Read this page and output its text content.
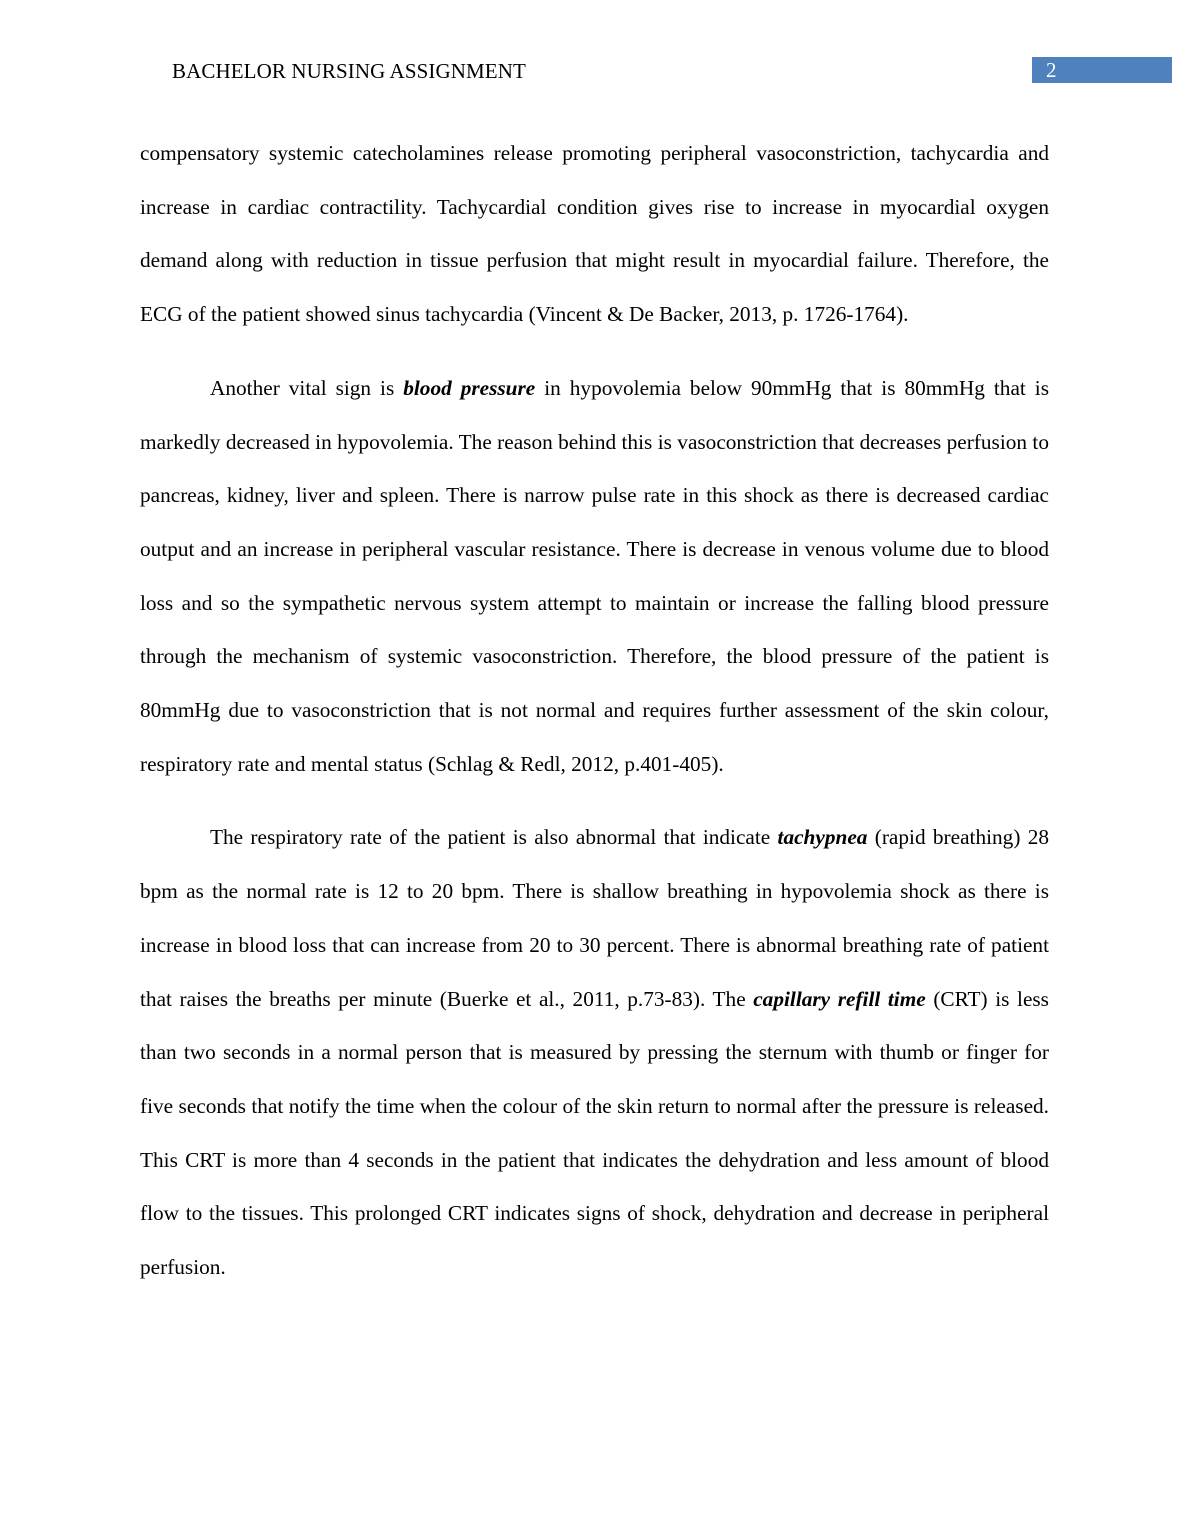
BACHELOR NURSING ASSIGNMENT	2

compensatory systemic catecholamines release promoting peripheral vasoconstriction, tachycardia and increase in cardiac contractility. Tachycardial condition gives rise to increase in myocardial oxygen demand along with reduction in tissue perfusion that might result in myocardial failure. Therefore, the ECG of the patient showed sinus tachycardia (Vincent & De Backer, 2013, p. 1726-1764).

Another vital sign is blood pressure in hypovolemia below 90mmHg that is 80mmHg that is markedly decreased in hypovolemia. The reason behind this is vasoconstriction that decreases perfusion to pancreas, kidney, liver and spleen. There is narrow pulse rate in this shock as there is decreased cardiac output and an increase in peripheral vascular resistance. There is decrease in venous volume due to blood loss and so the sympathetic nervous system attempt to maintain or increase the falling blood pressure through the mechanism of systemic vasoconstriction. Therefore, the blood pressure of the patient is 80mmHg due to vasoconstriction that is not normal and requires further assessment of the skin colour, respiratory rate and mental status (Schlag & Redl, 2012, p.401-405).

The respiratory rate of the patient is also abnormal that indicate tachypnea (rapid breathing) 28 bpm as the normal rate is 12 to 20 bpm. There is shallow breathing in hypovolemia shock as there is increase in blood loss that can increase from 20 to 30 percent. There is abnormal breathing rate of patient that raises the breaths per minute (Buerke et al., 2011, p.73-83). The capillary refill time (CRT) is less than two seconds in a normal person that is measured by pressing the sternum with thumb or finger for five seconds that notify the time when the colour of the skin return to normal after the pressure is released. This CRT is more than 4 seconds in the patient that indicates the dehydration and less amount of blood flow to the tissues. This prolonged CRT indicates signs of shock, dehydration and decrease in peripheral perfusion.
